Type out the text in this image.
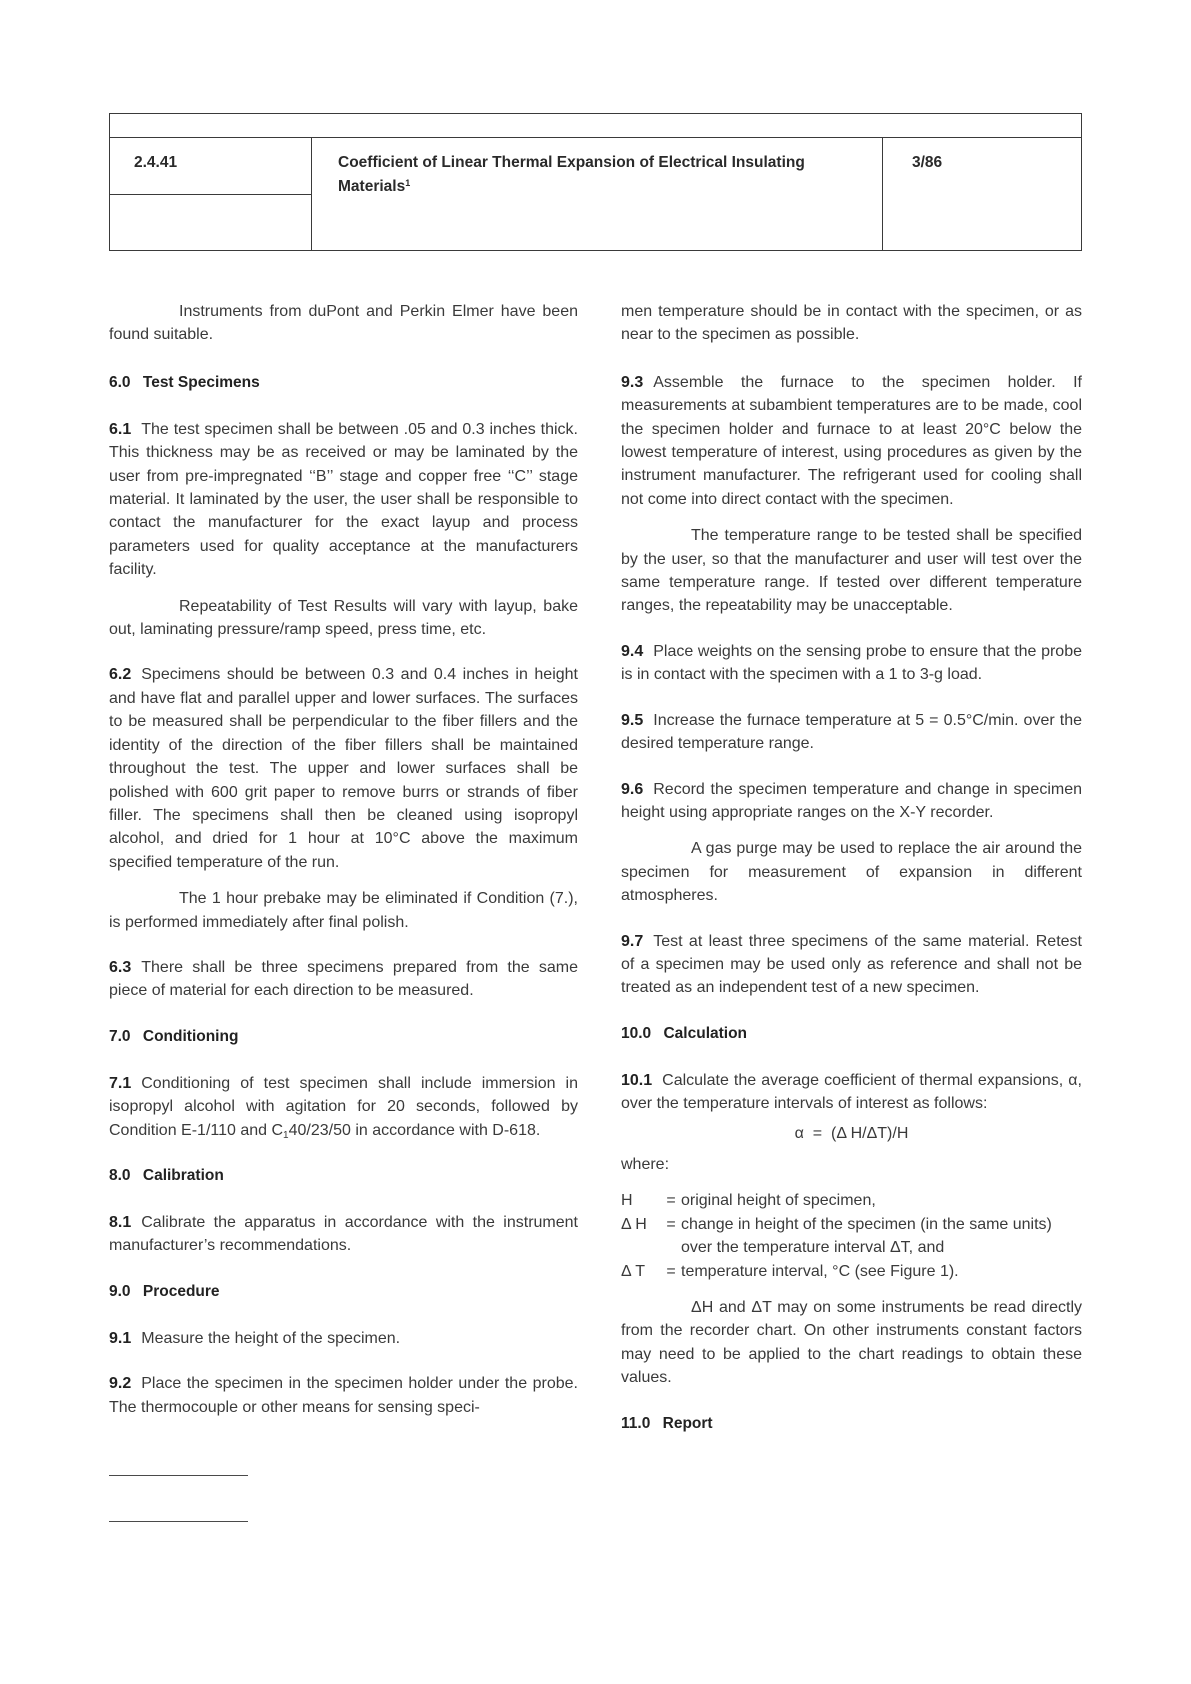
2.4.41	Coefficient of Linear Thermal Expansion of Electrical Insulating Materials$^1$
3/86

Instruments from duPont and Perkin Elmer have been found suitable.

6.0 Test Specimens

6.1 The test specimen shall be between .05 and 0.3 inches thick. This thickness may be as received or may be laminated by the user from pre-impregnated ‘‘B’’ stage and copper free ‘‘C’’ stage material. It laminated by the user, the user shall be responsible to contact the manufacturer for the exact layup and process parameters used for quality acceptance at the manufacturers facility.

Repeatability of Test Results will vary with layup, bake out, laminating pressure/ramp speed, press time, etc.

6.2 Specimens should be between 0.3 and 0.4 inches in height and have flat and parallel upper and lower surfaces. The surfaces to be measured shall be perpendicular to the fiber fillers and the identity of the direction of the fiber fillers shall be maintained throughout the test. The upper and lower surfaces shall be polished with 600 grit paper to remove burrs or strands of fiber filler. The specimens shall then be cleaned using isopropyl alcohol, and dried for 1 hour at 10°C above the maximum specified temperature of the run.

The 1 hour prebake may be eliminated if Condition (7.), is performed immediately after final polish.

6.3 There shall be three specimens prepared from the same piece of material for each direction to be measured.

7.0 Conditioning

7.1 Conditioning of test specimen shall include immersion in isopropyl alcohol with agitation for 20 seconds, followed by Condition E-1/110 and $C_140/23/50$ in accordance with D-618.

8.0 Calibration

8.1 Calibrate the apparatus in accordance with the instrument manufacturer’s recommendations.

9.0 Procedure

9.1 Measure the height of the specimen.

9.2 Place the specimen in the specimen holder under the probe. The thermocouple or other means for sensing speci-

men temperature should be in contact with the specimen, or as near to the specimen as possible.

9.3 Assemble the furnace to the specimen holder. If measurements at subambient temperatures are to be made, cool the specimen holder and furnace to at least 20°C below the lowest temperature of interest, using procedures as given by the instrument manufacturer. The refrigerant used for cooling shall not come into direct contact with the specimen.

The temperature range to be tested shall be specified by the user, so that the manufacturer and user will test over the same temperature range. If tested over different temperature ranges, the repeatability may be unacceptable.

9.4 Place weights on the sensing probe to ensure that the probe is in contact with the specimen with a 1 to 3-g load.

9.5 Increase the furnace temperature at 5 = 0.5°C/min. over the desired temperature range.

9.6 Record the specimen temperature and change in specimen height using appropriate ranges on the X-Y recorder.

A gas purge may be used to replace the air around the specimen for measurement of expansion in different atmospheres.

9.7 Test at least three specimens of the same material. Retest of a specimen may be used only as reference and shall not be treated as an independent test of a new specimen.

10.0 Calculation

10.1 Calculate the average coefficient of thermal expansions, α, over the temperature intervals of interest as follows:

α  =  (Δ H/ΔT)/H

where:

H	= original height of specimen,
Δ H	= change in height of the specimen (in the same units) over the temperature interval ΔT, and
Δ T	= temperature interval, °C (see Figure 1).

ΔH and ΔT may on some instruments be read directly from the recorder chart. On other instruments constant factors may need to be applied to the chart readings to obtain these values.

11.0 Report
